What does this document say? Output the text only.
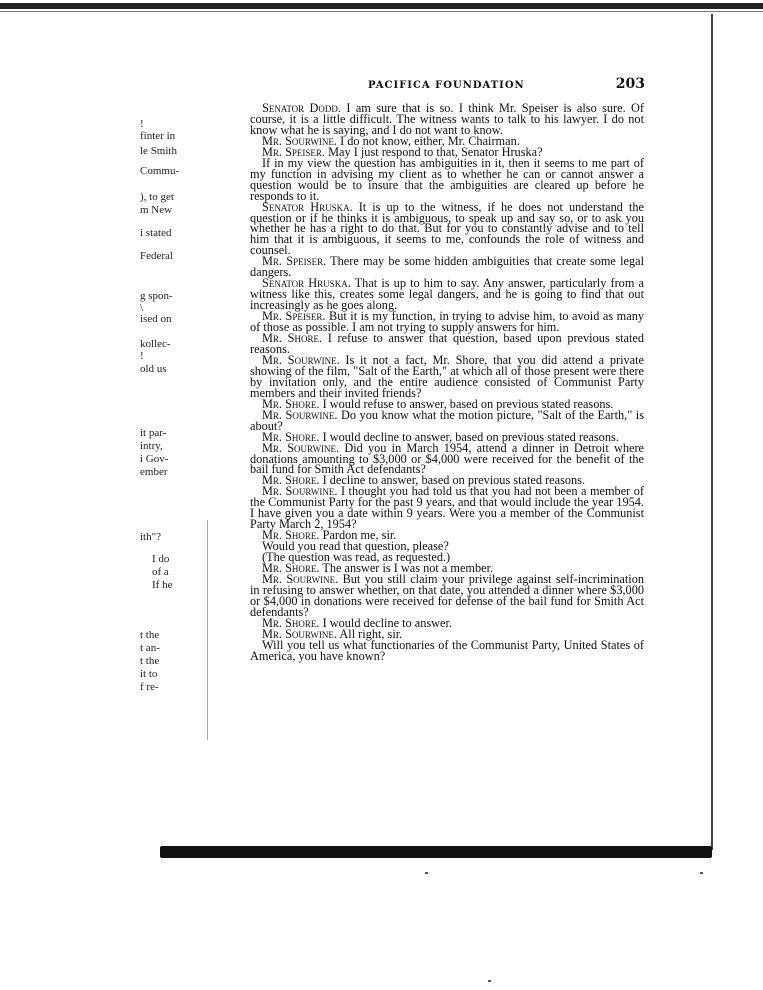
PACIFICA FOUNDATION	203
!
finter in
le Smith
Commu-
), to get
m New
i stated
Federal
g spon-
\
ised on
kollec-
!
old us
it par-
intry,
i Gov-
ember
ith"?
I do
of a
If he
t the
t an-
t the
it to
f re-

Senator Dodd. I am sure that is so. I think Mr. Speiser is also sure. Of course, it is a little difficult. The witness wants to talk to his lawyer. I do not know what he is saying, and I do not want to know.

Mr. Sourwine. I do not know, either, Mr. Chairman.

Mr. Speiser. May I just respond to that, Senator Hruska?

If in my view the question has ambiguities in it, then it seems to me part of my function in advising my client as to whether he can or cannot answer a question would be to insure that the ambiguities are cleared up before he responds to it.

Senator Hruska. It is up to the witness, if he does not understand the question or if he thinks it is ambiguous, to speak up and say so, or to ask you whether he has a right to do that. But for you to constantly advise and to tell him that it is ambiguous, it seems to me, confounds the role of witness and counsel.

Mr. Speiser. There may be some hidden ambiguities that create some legal dangers.

Senator Hruska. That is up to him to say. Any answer, particularly from a witness like this, creates some legal dangers, and he is going to find that out increasingly as he goes along.

Mr. Speiser. But it is my function, in trying to advise him, to avoid as many of those as possible. I am not trying to supply answers for him.

Mr. Shore. I refuse to answer that question, based upon previous stated reasons.

Mr. Sourwine. Is it not a fact, Mr. Shore, that you did attend a private showing of the film, "Salt of the Earth," at which all of those present were there by invitation only, and the entire audience consisted of Communist Party members and their invited friends?

Mr. Shore. I would refuse to answer, based on previous stated reasons.

Mr. Sourwine. Do you know what the motion picture, "Salt of the Earth," is about?

Mr. Shore. I would decline to answer, based on previous stated reasons.

Mr. Sourwine. Did you in March 1954, attend a dinner in Detroit where donations amounting to $3,000 or $4,000 were received for the benefit of the bail fund for Smith Act defendants?

Mr. Shore. I decline to answer, based on previous stated reasons.

Mr. Sourwine. I thought you had told us that you had not been a member of the Communist Party for the past 9 years, and that would include the year 1954. I have given you a date within 9 years. Were you a member of the Communist Party March 2, 1954?

Mr. Shore. Pardon me, sir.

Would you read that question, please?

(The question was read, as requested.)

Mr. Shore. The answer is I was not a member.

Mr. Sourwine. But you still claim your privilege against self-incrimination in refusing to answer whether, on that date, you attended a dinner where $3,000 or $4,000 in donations were received for defense of the bail fund for Smith Act defendants?

Mr. Shore. I would decline to answer.

Mr. Sourwine. All right, sir.

Will you tell us what functionaries of the Communist Party, United States of America, you have known?
